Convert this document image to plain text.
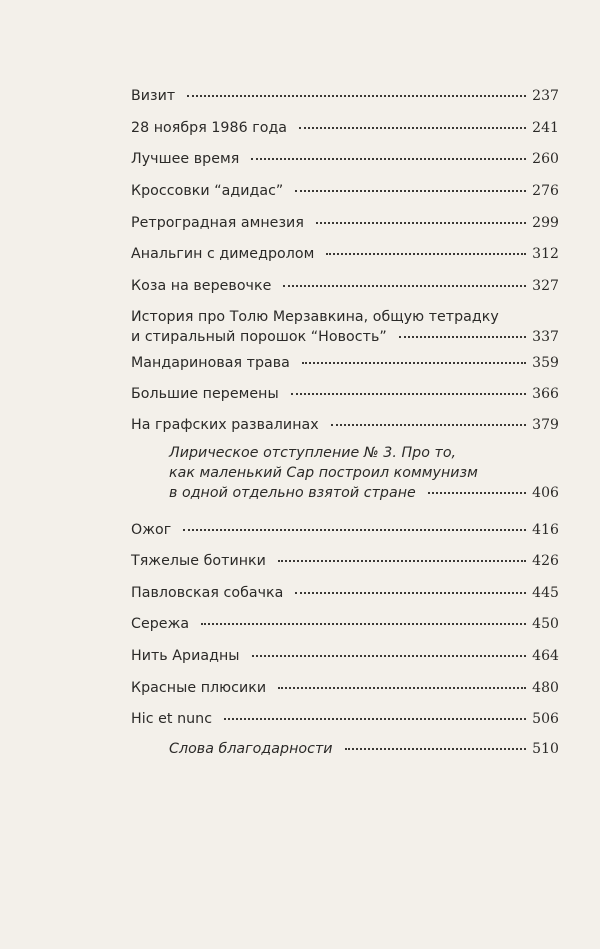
Визит	237
28 ноября 1986 года	241
Лучшее время	260
Кроссовки “адидас”	276
Ретроградная амнезия	299
Анальгин с димедролом	312
Коза на веревочке	327
История про Толю Мерзавкина, общую тетрадку
и стиральный порошок “Новость”	337
Мандариновая трава	359
Большие перемены	366
На графских развалинах	379
Лирическое отступление № 3. Про то,
как маленький Сар построил коммунизм
в одной отдельно взятой стране	406
Ожог	416
Тяжелые ботинки	426
Павловская собачка	445
Сережа	450
Нить Ариадны	464
Красные плюсики	480
Hic et nunc	506
Слова благодарности	510
